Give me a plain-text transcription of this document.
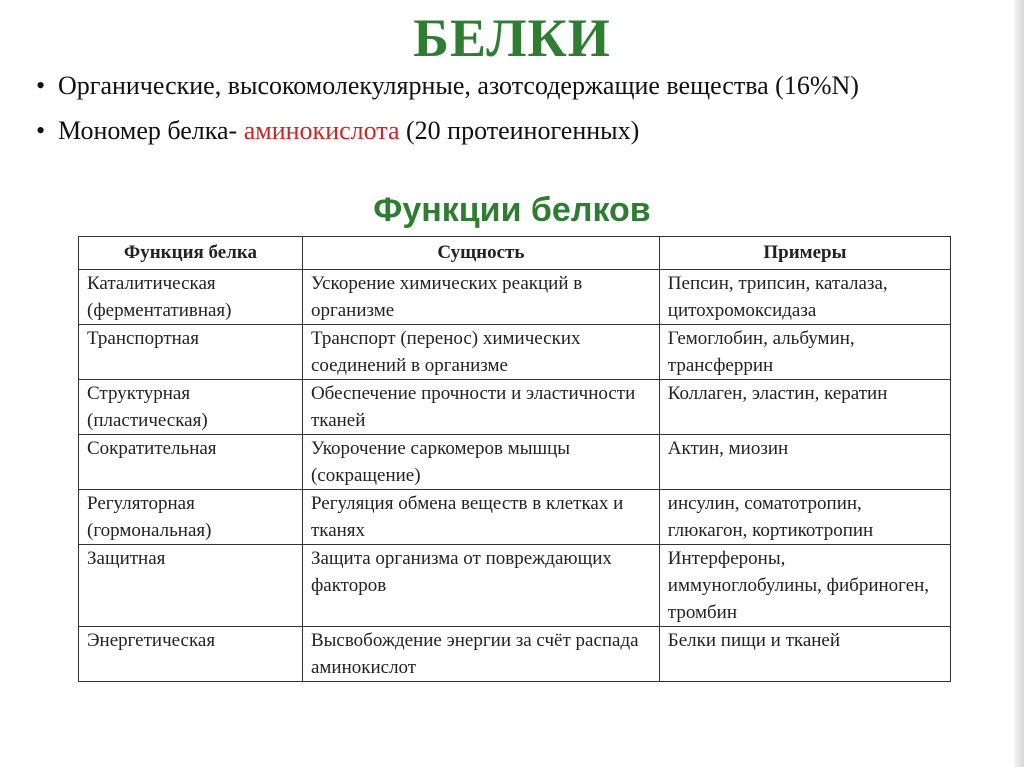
БЕЛКИ
• Органические, высокомолекулярные, азотсодержащие вещества (16%N)
• Мономер белка- аминокислота (20 протеиногенных)
Функции белков
Функция белка	Сущность	Примеры
Каталитическая (ферментативная)	Ускорение химических реакций в организме	Пепсин, трипсин, каталаза, цитохромоксидаза
Транспортная	Транспорт (перенос) химических соединений в организме	Гемоглобин, альбумин, трансферрин
Структурная (пластическая)	Обеспечение прочности и эластичности тканей	Коллаген, эластин, кератин
Сократительная	Укорочение саркомеров мышцы (сокращение)	Актин, миозин
Регуляторная (гормональная)	Регуляция обмена веществ в клетках и тканях	инсулин, соматотропин, глюкагон, кортикотропин
Защитная	Защита организма от повреждающих факторов	Интерфероны, иммуноглобулины, фибриноген, тромбин
Энергетическая	Высвобождение энергии за счёт распада аминокислот	Белки пищи и тканей
